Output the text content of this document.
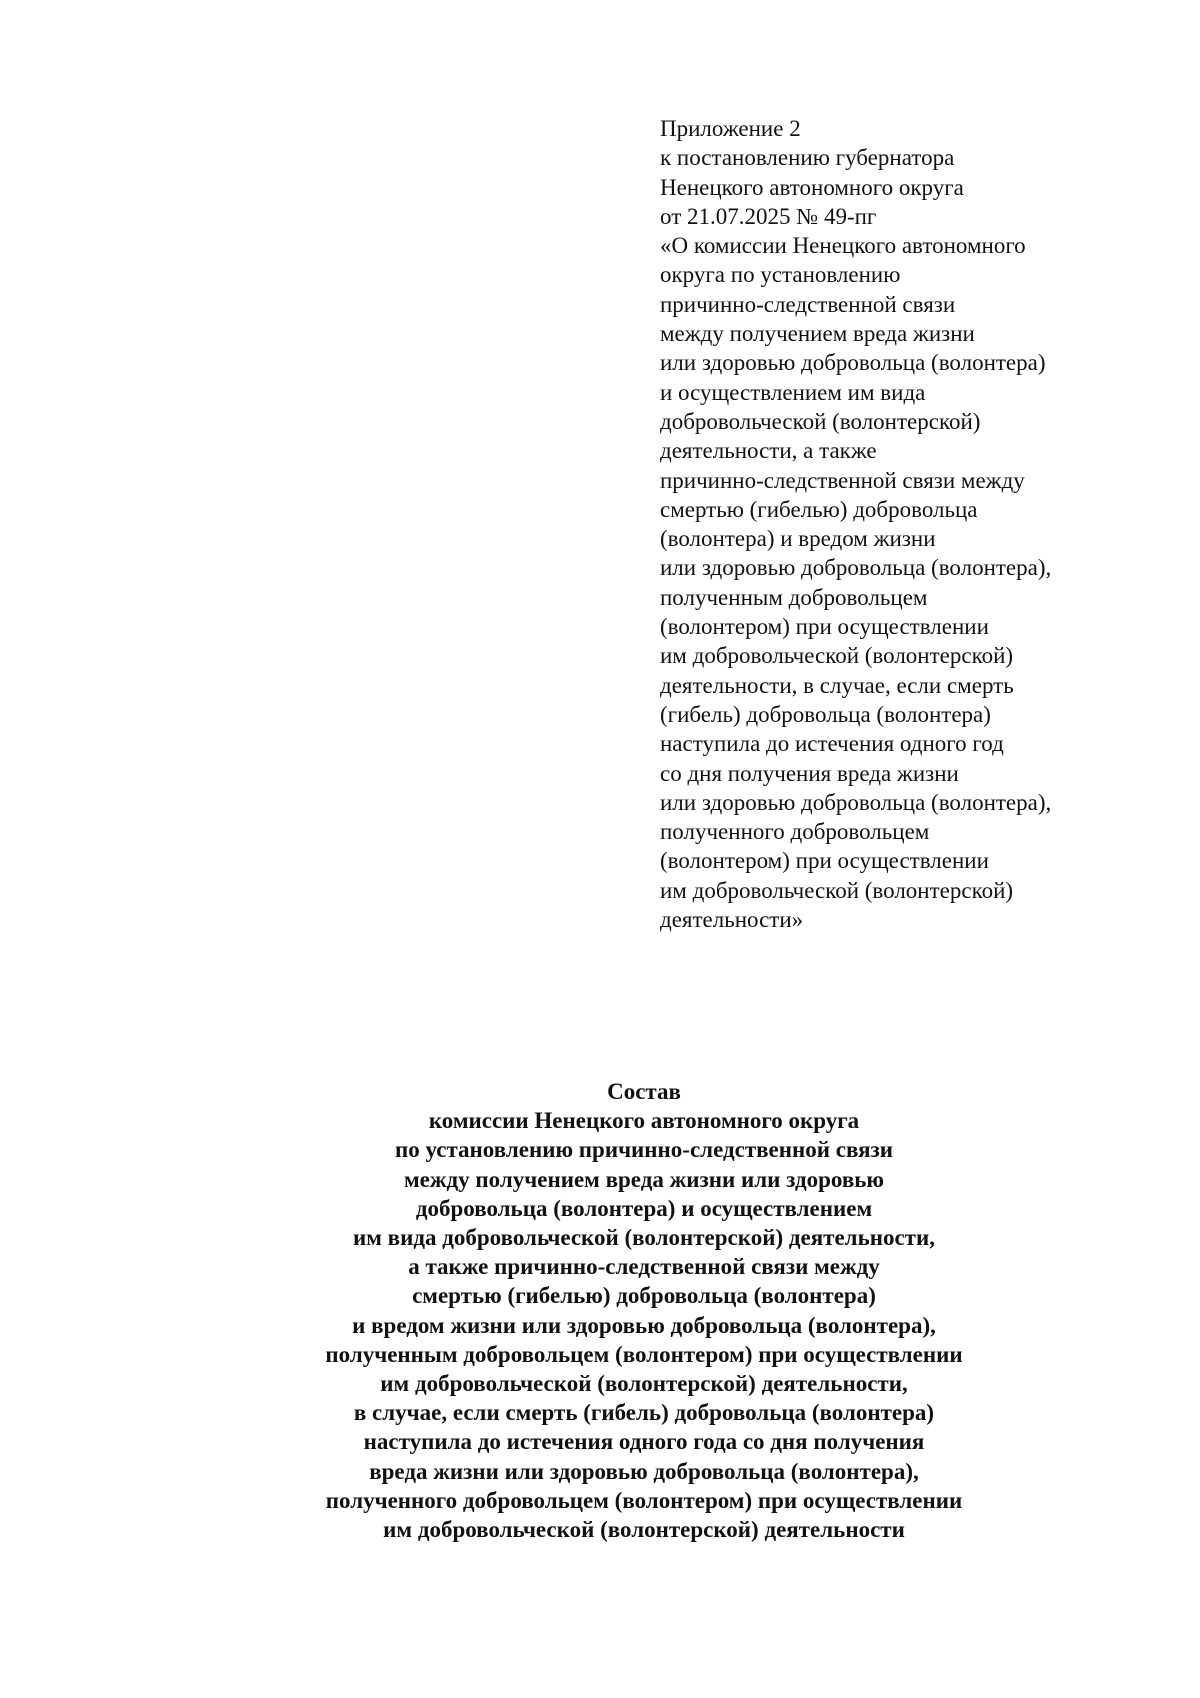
Приложение 2
к постановлению губернатора
Ненецкого автономного округа
от 21.07.2025 № 49-пг
«О комиссии Ненецкого автономного
округа по установлению
причинно-следственной связи
между получением вреда жизни
или здоровью добровольца (волонтера)
и осуществлением им вида
добровольческой (волонтерской)
деятельности, а также
причинно-следственной связи между
смертью (гибелью) добровольца
(волонтера) и вредом жизни
или здоровью добровольца (волонтера),
полученным добровольцем
(волонтером) при осуществлении
им добровольческой (волонтерской)
деятельности, в случае, если смерть
(гибель) добровольца (волонтера)
наступила до истечения одного год
со дня получения вреда жизни
или здоровью добровольца (волонтера),
полученного добровольцем
(волонтером) при осуществлении
им добровольческой (волонтерской)
деятельности»
Состав
комиссии Ненецкого автономного округа
по установлению причинно-следственной связи
между получением вреда жизни или здоровью
добровольца (волонтера) и осуществлением
им вида добровольческой (волонтерской) деятельности,
а также причинно-следственной связи между
смертью (гибелью) добровольца (волонтера)
и вредом жизни или здоровью добровольца (волонтера),
полученным добровольцем (волонтером) при осуществлении
им добровольческой (волонтерской) деятельности,
в случае, если смерть (гибель) добровольца (волонтера)
наступила до истечения одного года со дня получения
вреда жизни или здоровью добровольца (волонтера),
полученного добровольцем (волонтером) при осуществлении
им добровольческой (волонтерской) деятельности
